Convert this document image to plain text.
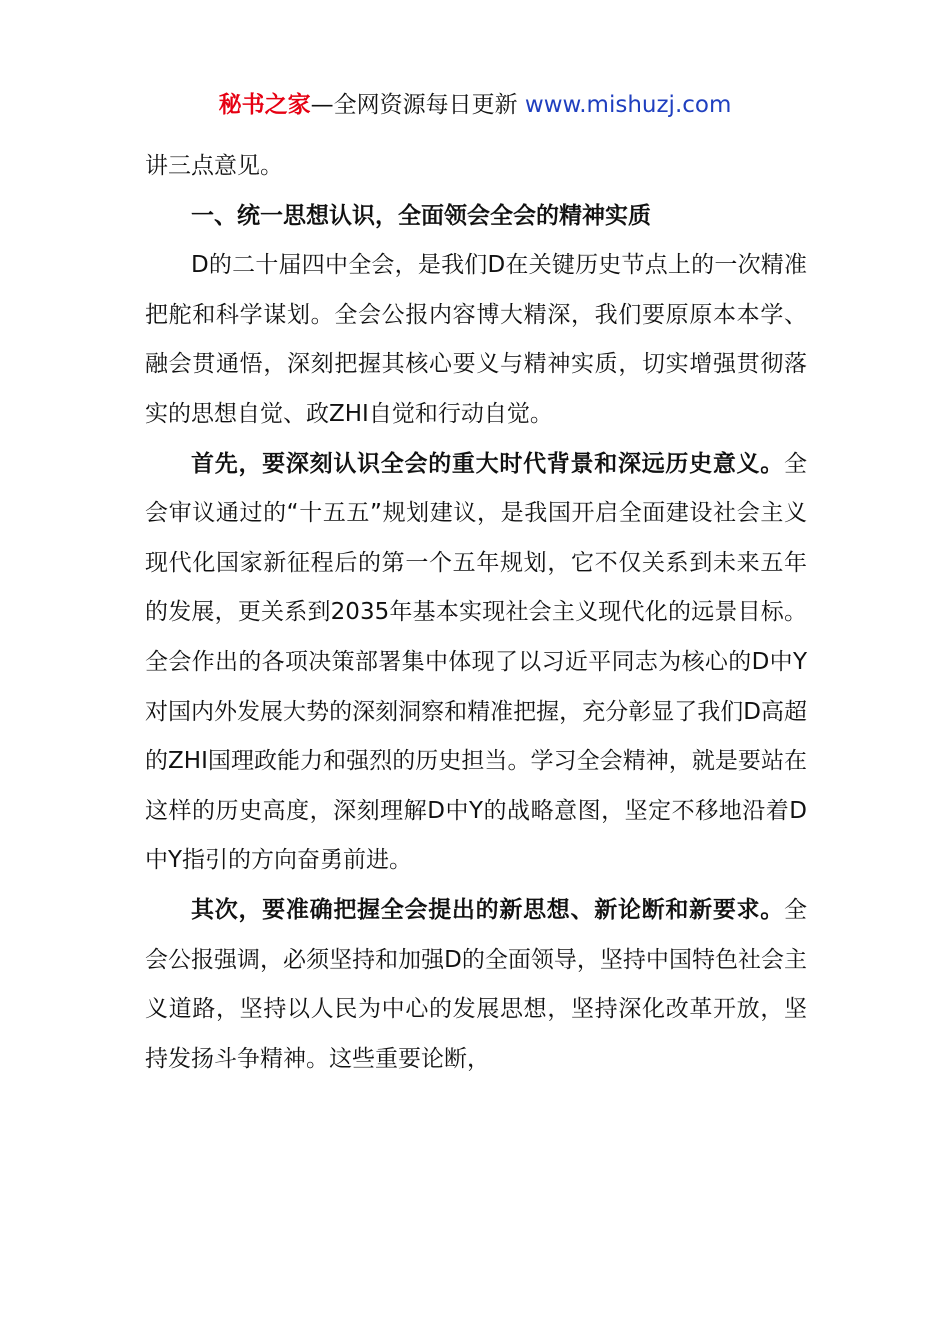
秘书之家—全网资源每日更新 www.mishuzj.com

讲三点意见。

一、统一思想认识，全面领会全会的精神实质

D的二十届四中全会，是我们D在关键历史节点上的一次精准把舵和科学谋划。全会公报内容博大精深，我们要原原本本学、融会贯通悟，深刻把握其核心要义与精神实质，切实增强贯彻落实的思想自觉、政ZHI自觉和行动自觉。

首先，要深刻认识全会的重大时代背景和深远历史意义。全会审议通过的“十五五”规划建议，是我国开启全面建设社会主义现代化国家新征程后的第一个五年规划，它不仅关系到未来五年的发展，更关系到2035年基本实现社会主义现代化的远景目标。全会作出的各项决策部署集中体现了以习近平同志为核心的D中Y对国内外发展大势的深刻洞察和精准把握，充分彰显了我们D高超的ZHI国理政能力和强烈的历史担当。学习全会精神，就是要站在这样的历史高度，深刻理解D中Y的战略意图，坚定不移地沿着D中Y指引的方向奋勇前进。

其次，要准确把握全会提出的新思想、新论断和新要求。全会公报强调，必须坚持和加强D的全面领导，坚持中国特色社会主义道路，坚持以人民为中心的发展思想，坚持深化改革开放，坚持发扬斗争精神。这些重要论断，
